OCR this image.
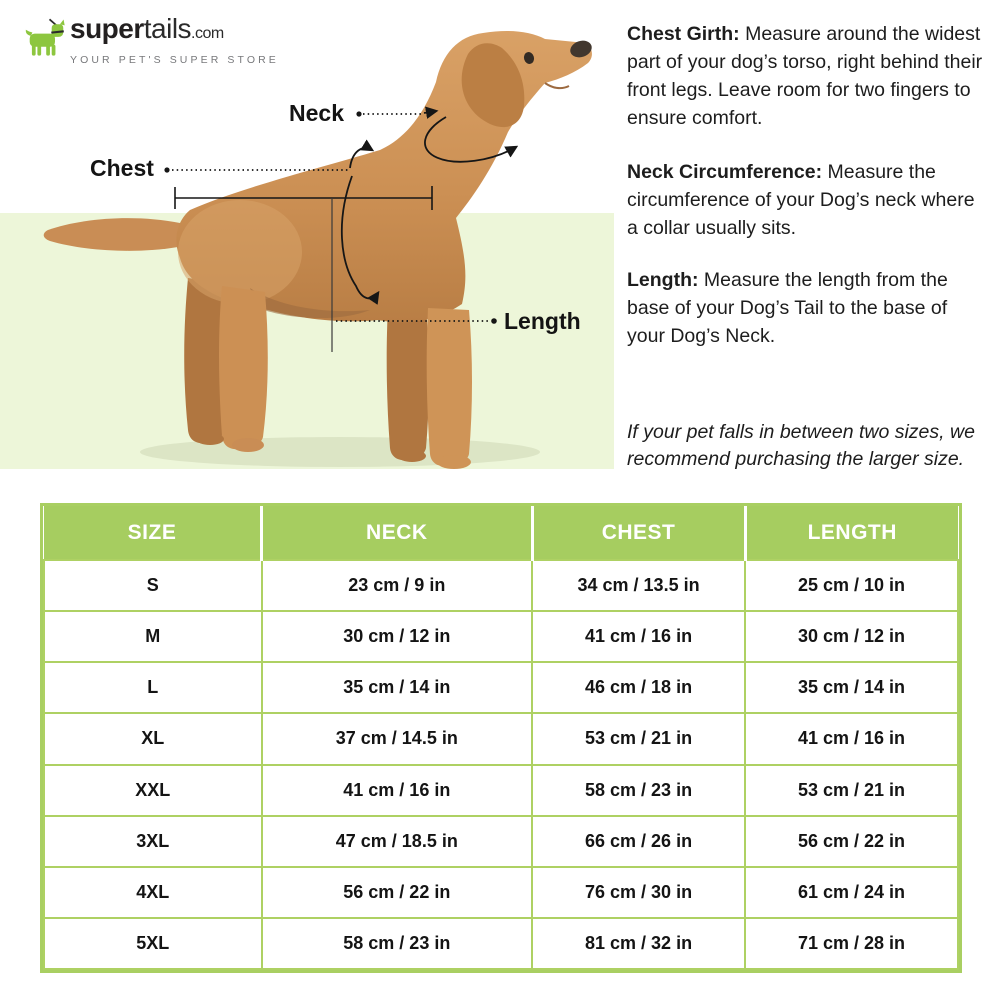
Neck
Chest
Length
supertails.com
YOUR PET'S SUPER STORE

Chest Girth: Measure around the widest part of your dog’s torso, right behind their front legs. Leave room for two fingers to ensure comfort.

Neck Circumference: Measure the circumference of your Dog’s neck where a collar usually sits.

Length: Measure the length from the base of your Dog’s Tail to the base of your Dog’s Neck.

If your pet falls in between two sizes, we recommend purchasing the larger size.

SIZE	NECK	CHEST	LENGTH
S	23 cm / 9 in	34 cm / 13.5 in	25 cm / 10 in
M	30 cm / 12 in	41 cm / 16 in	30 cm / 12 in
L	35 cm / 14 in	46 cm / 18 in	35 cm / 14 in
XL	37 cm / 14.5 in	53 cm / 21 in	41 cm / 16 in
XXL	41 cm / 16 in	58 cm / 23 in	53 cm / 21 in
3XL	47 cm / 18.5 in	66 cm / 26 in	56 cm / 22 in
4XL	56 cm / 22 in	76 cm / 30 in	61 cm / 24 in
5XL	58 cm / 23 in	81 cm / 32 in	71 cm / 28 in
